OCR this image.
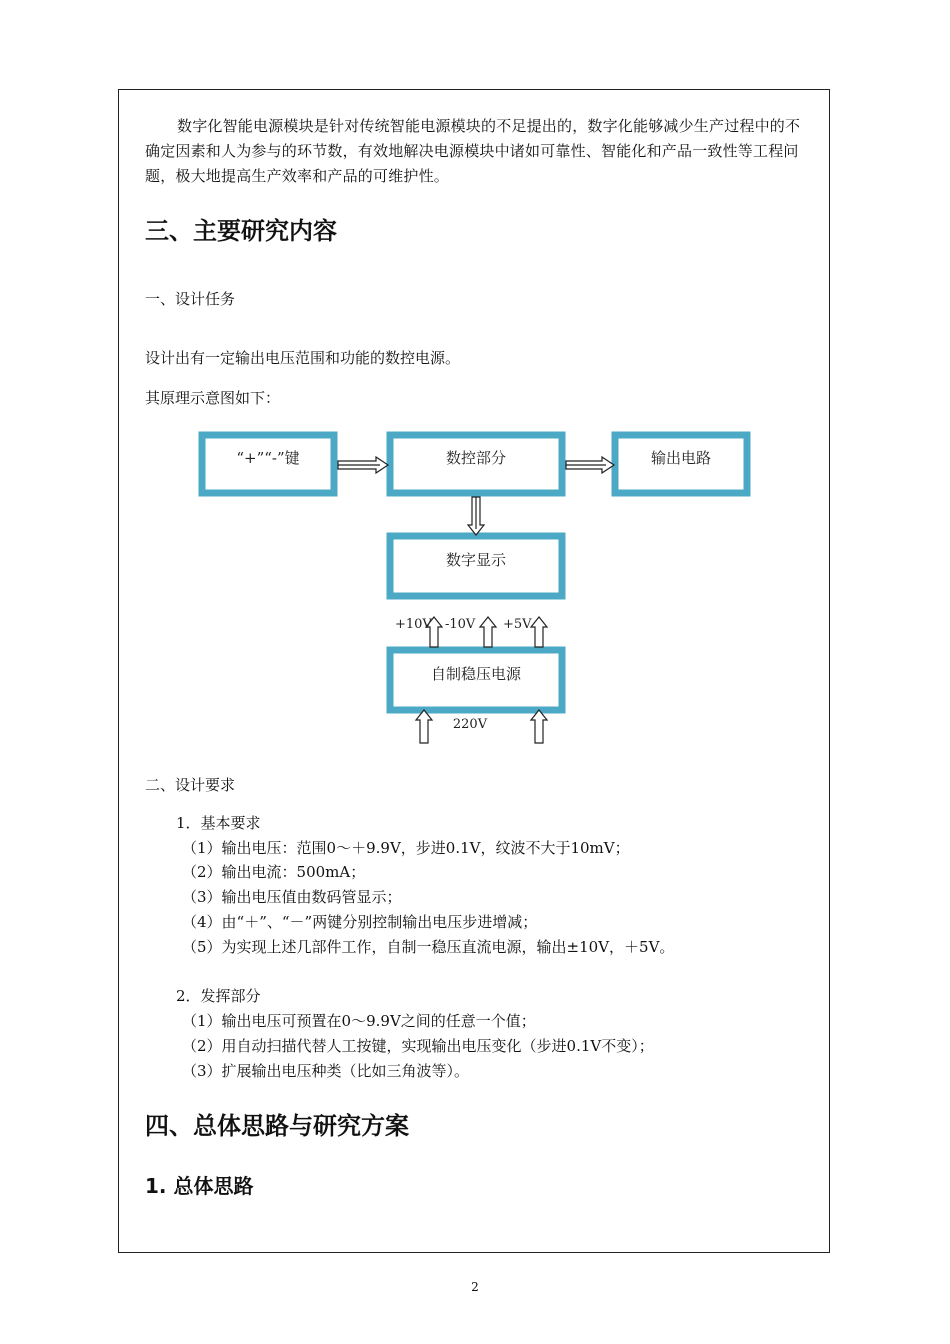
数字化智能电源模块是针对传统智能电源模块的不足提出的，数字化能够减少生产过程中的不确定因素和人为参与的环节数，有效地解决电源模块中诸如可靠性、智能化和产品一致性等工程问题，极大地提高生产效率和产品的可维护性。

三、主要研究内容
一、设计任务
设计出有一定输出电压范围和功能的数控电源。
其原理示意图如下：
“+”“-”键	数控部分	输出电路
数字显示
自制稳压电源
+10V -10V +5V
220V
二、设计要求
1．基本要求
（1）输出电压：范围0～＋9.9V，步进0.1V，纹波不大于10mV；
（2）输出电流：500mA；
（3）输出电压值由数码管显示；
（4）由“＋”、“－”两键分别控制输出电压步进增减；
（5）为实现上述几部件工作，自制一稳压直流电源，输出±10V，＋5V。
2．发挥部分
（1）输出电压可预置在0～9.9V之间的任意一个值；
（2）用自动扫描代替人工按键，实现输出电压变化（步进0.1V不变）；
（3）扩展输出电压种类（比如三角波等）。
四、总体思路与研究方案
1. 总体思路
2
